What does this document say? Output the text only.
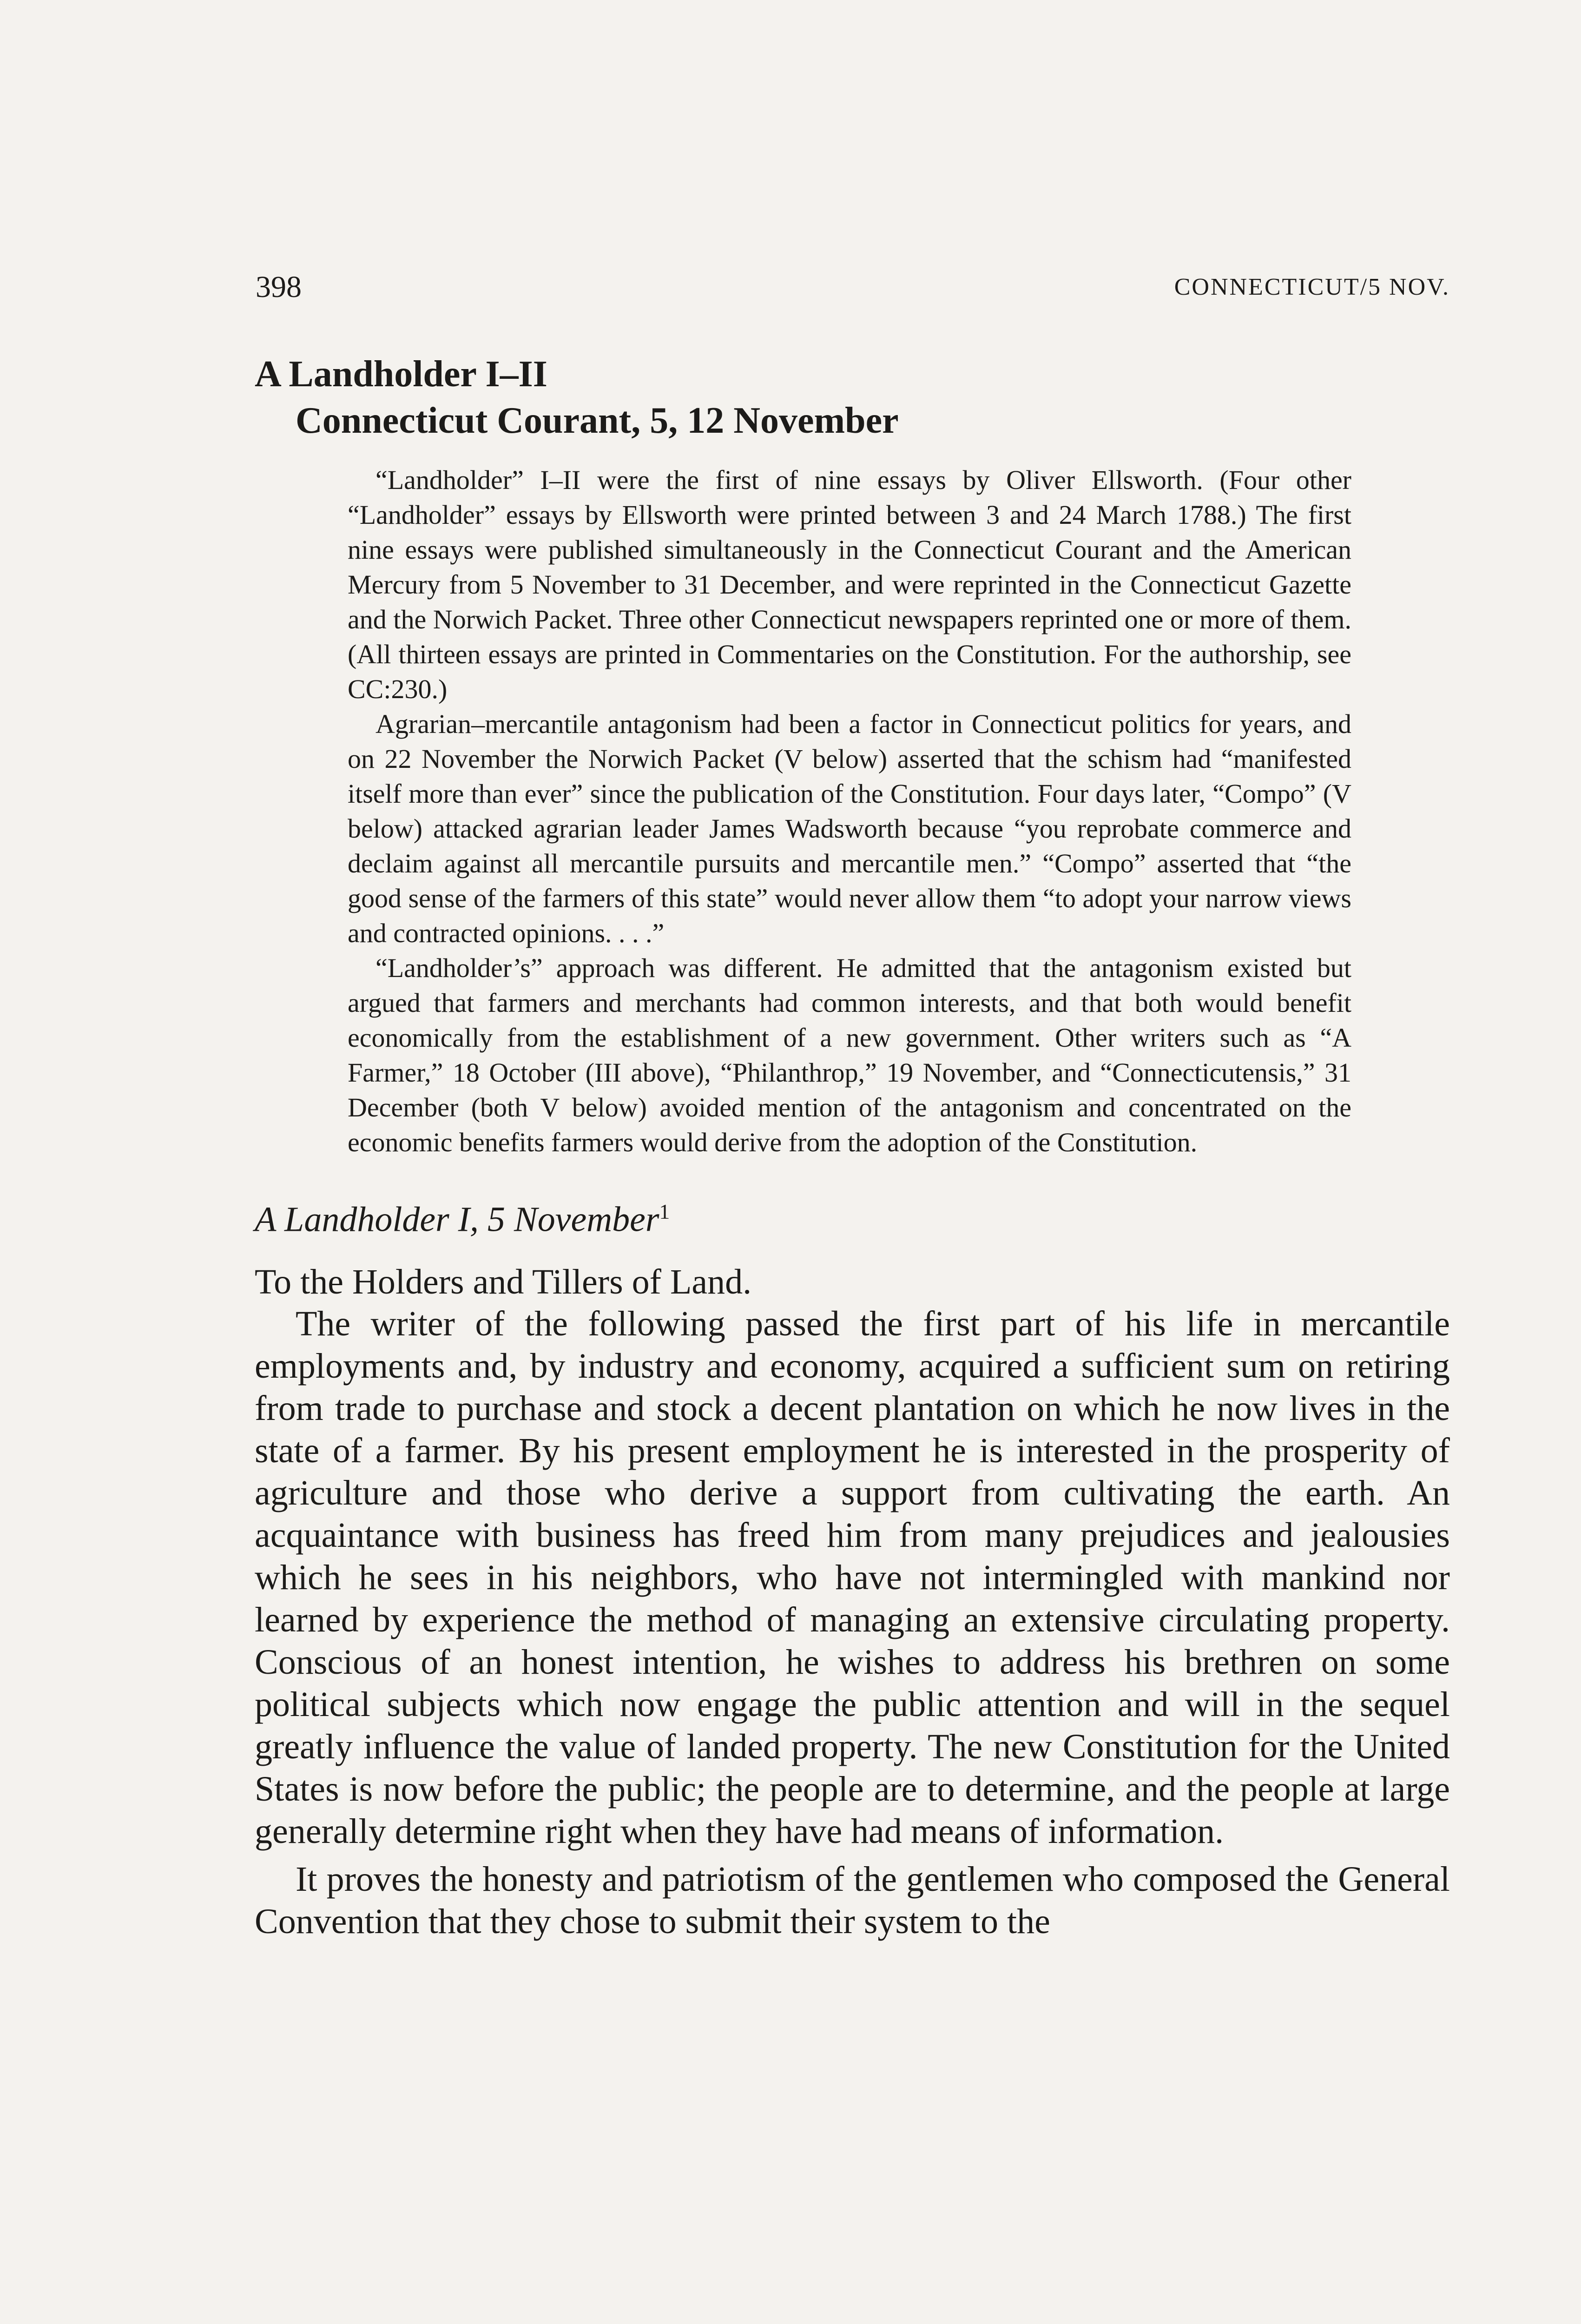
398	CONNECTICUT/5 NOV.
A Landholder I–II
Connecticut Courant, 5, 12 November

“Landholder” I–II were the first of nine essays by Oliver Ellsworth. (Four other “Landholder” essays by Ellsworth were printed between 3 and 24 March 1788.) The first nine essays were published simultaneously in the Connecticut Courant and the American Mercury from 5 November to 31 December, and were reprinted in the Connecticut Gazette and the Norwich Packet. Three other Connecticut newspapers reprinted one or more of them. (All thirteen essays are printed in Commentaries on the Constitution. For the authorship, see CC:230.)

Agrarian–mercantile antagonism had been a factor in Connecticut politics for years, and on 22 November the Norwich Packet (V below) asserted that the schism had “manifested itself more than ever” since the publication of the Constitution. Four days later, “Compo” (V below) attacked agrarian leader James Wadsworth because “you reprobate commerce and declaim against all mercantile pursuits and mercantile men.” “Compo” asserted that “the good sense of the farmers of this state” would never allow them “to adopt your narrow views and contracted opinions. . . .”

“Landholder’s” approach was different. He admitted that the antagonism existed but argued that farmers and merchants had common interests, and that both would benefit economically from the establishment of a new government. Other writers such as “A Farmer,” 18 October (III above), “Philanthrop,” 19 November, and “Connecticutensis,” 31 December (both V below) avoided mention of the antagonism and concentrated on the economic benefits farmers would derive from the adoption of the Constitution.

A Landholder I, 5 November$^1$
To the Holders and Tillers of Land.

The writer of the following passed the first part of his life in mercantile employments and, by industry and economy, acquired a sufficient sum on retiring from trade to purchase and stock a decent plantation on which he now lives in the state of a farmer. By his present employment he is interested in the prosperity of agriculture and those who derive a support from cultivating the earth. An acquaintance with business has freed him from many prejudices and jealousies which he sees in his neighbors, who have not intermingled with mankind nor learned by experience the method of managing an extensive circulating property. Conscious of an honest intention, he wishes to address his brethren on some political subjects which now engage the public attention and will in the sequel greatly influence the value of landed property. The new Constitution for the United States is now before the public; the people are to determine, and the people at large generally determine right when they have had means of information.

It proves the honesty and patriotism of the gentlemen who composed the General Convention that they chose to submit their system to the
